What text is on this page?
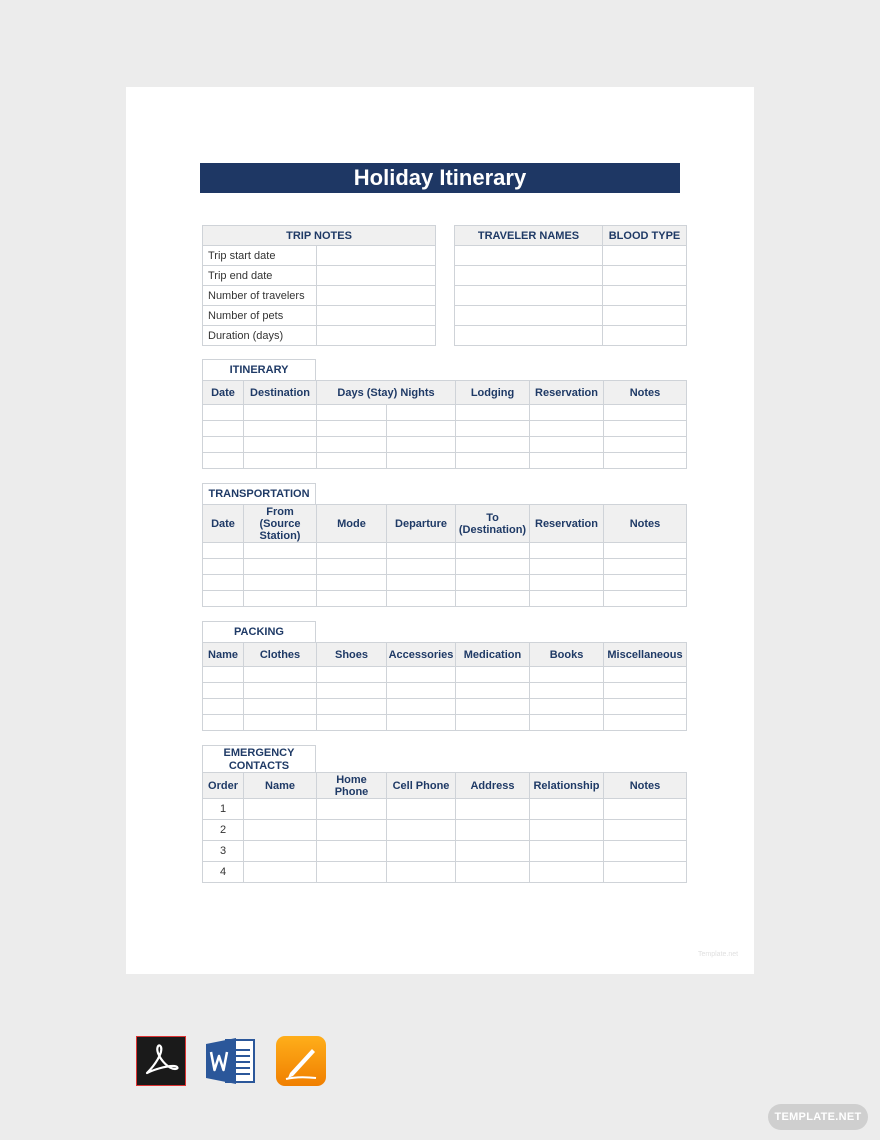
Holiday Itinerary
TRIP NOTES	
Trip start date	
Trip end date	
Number of travelers	
Number of pets	
Duration (days)	
TRAVELER NAMES	BLOOD TYPE

ITINERARY
Date	Destination	Days (Stay) Nights		Lodging	Reservation	Notes

TRANSPORTATION
Date	From (Source Station)	Mode	Departure	To (Destination)	Reservation	Notes

PACKING
Name	Clothes	Shoes	Accessories	Medication	Books	Miscellaneous

EMERGENCY CONTACTS
Order	Name	Home Phone	Cell Phone	Address	Relationship	Notes
1						
2						
3						
4						
Template.net
TEMPLATE.NET
